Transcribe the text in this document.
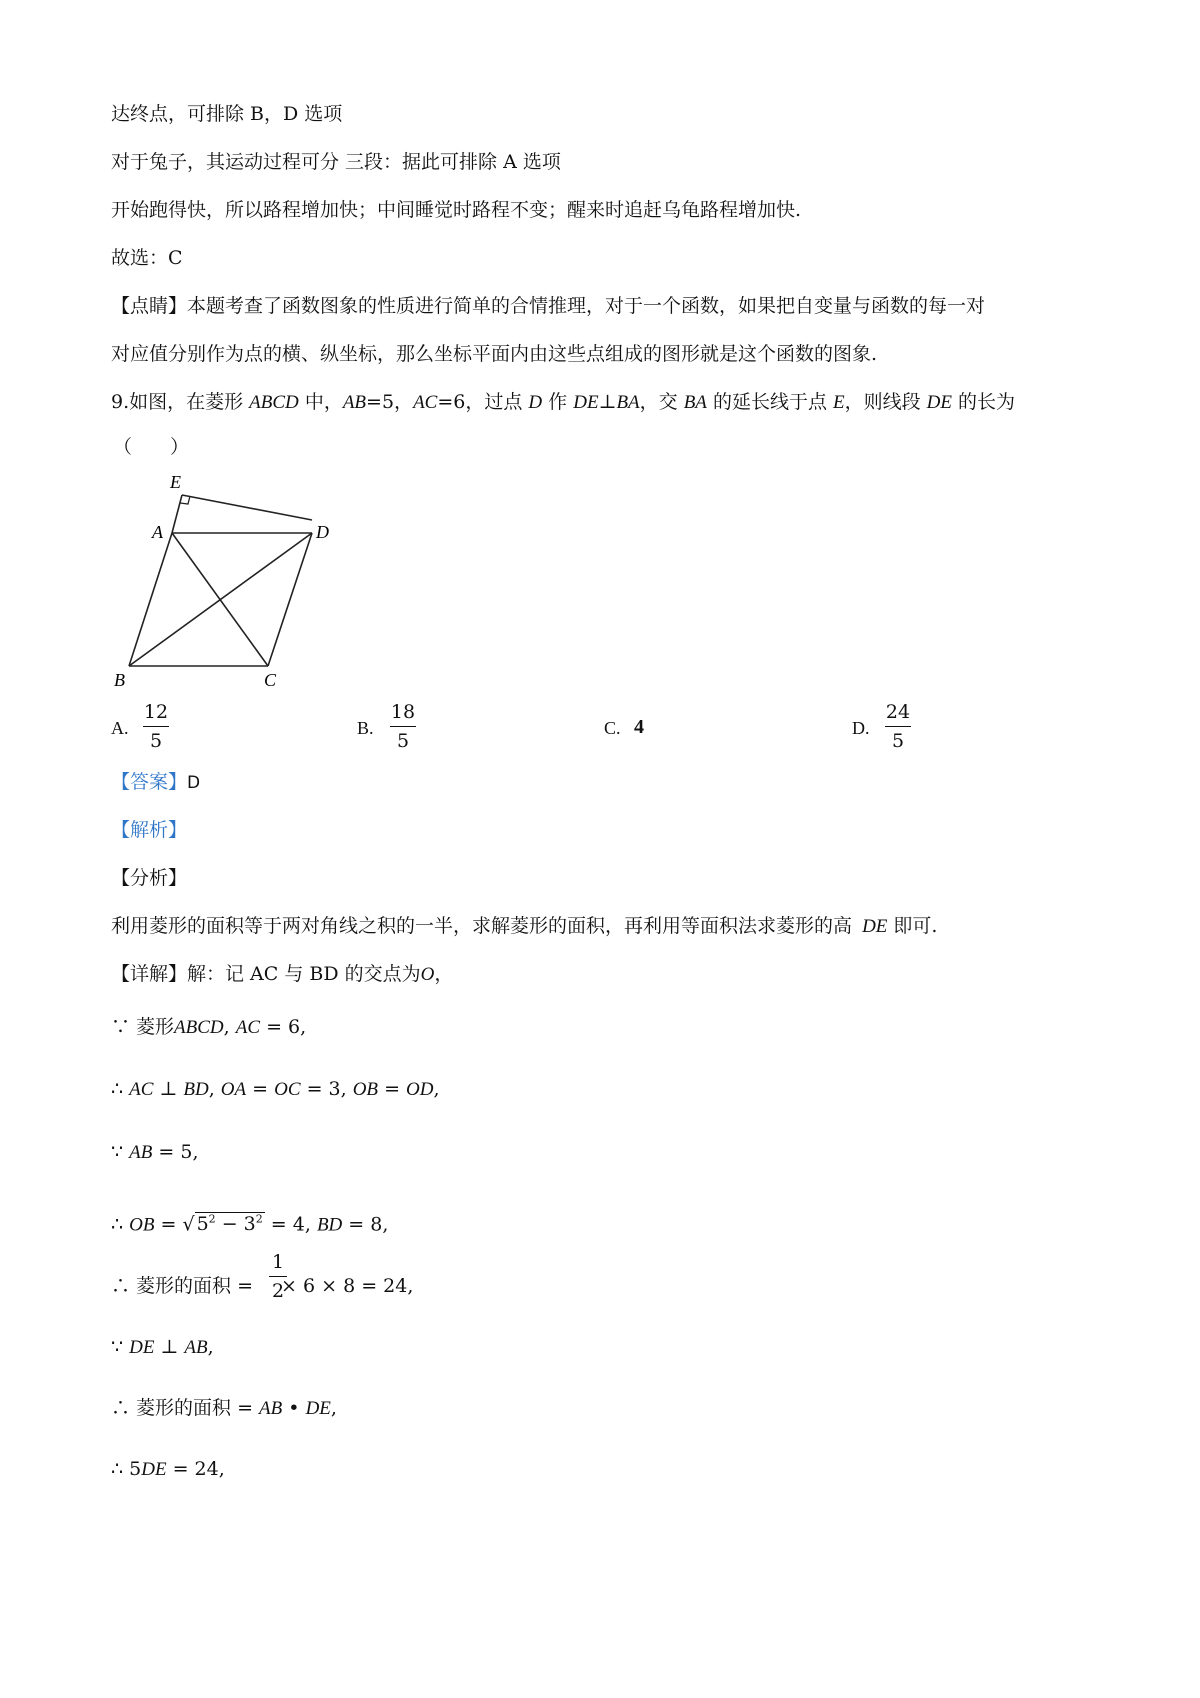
达终点，可排除 B，D 选项
对于兔子，其运动过程可分 三段：据此可排除 A 选项
开始跑得快，所以路程增加快；中间睡觉时路程不变；醒来时追赶乌龟路程增加快.
故选：C
【点睛】本题考查了函数图象的性质进行简单的合情推理，对于一个函数，如果把自变量与函数的每一对
对应值分别作为点的横、纵坐标，那么坐标平面内由这些点组成的图形就是这个函数的图象.
9.如图，在菱形 ABCD 中，AB=5，AC=6，过点 D 作 DE⊥BA，交 BA 的延长线于点 E，则线段 DE 的长为
（　　）
E
A	D
B	C
A.
12
5
B.
18
5
C. 4	D.
24
5
【答案】D
【解析】
【分析】
利用菱形的面积等于两对角线之积的一半，求解菱形的面积，再利用等面积法求菱形的高 DE 即可.
【详解】解：记 AC 与 BD 的交点为O，
∵ 菱形ABCD, AC = 6,
∴ AC ⊥ BD, OA = OC = 3, OB = OD,
∵ AB = 5,
∴ OB = √ $5^2 - 3^2 = 4$, BD = 8,
∴ 菱形的面积 = × 6 × 8 = 24,
1
2
∵ DE ⊥ AB,
∴ 菱形的面积 = AB • DE,
∴ 5DE = 24,
